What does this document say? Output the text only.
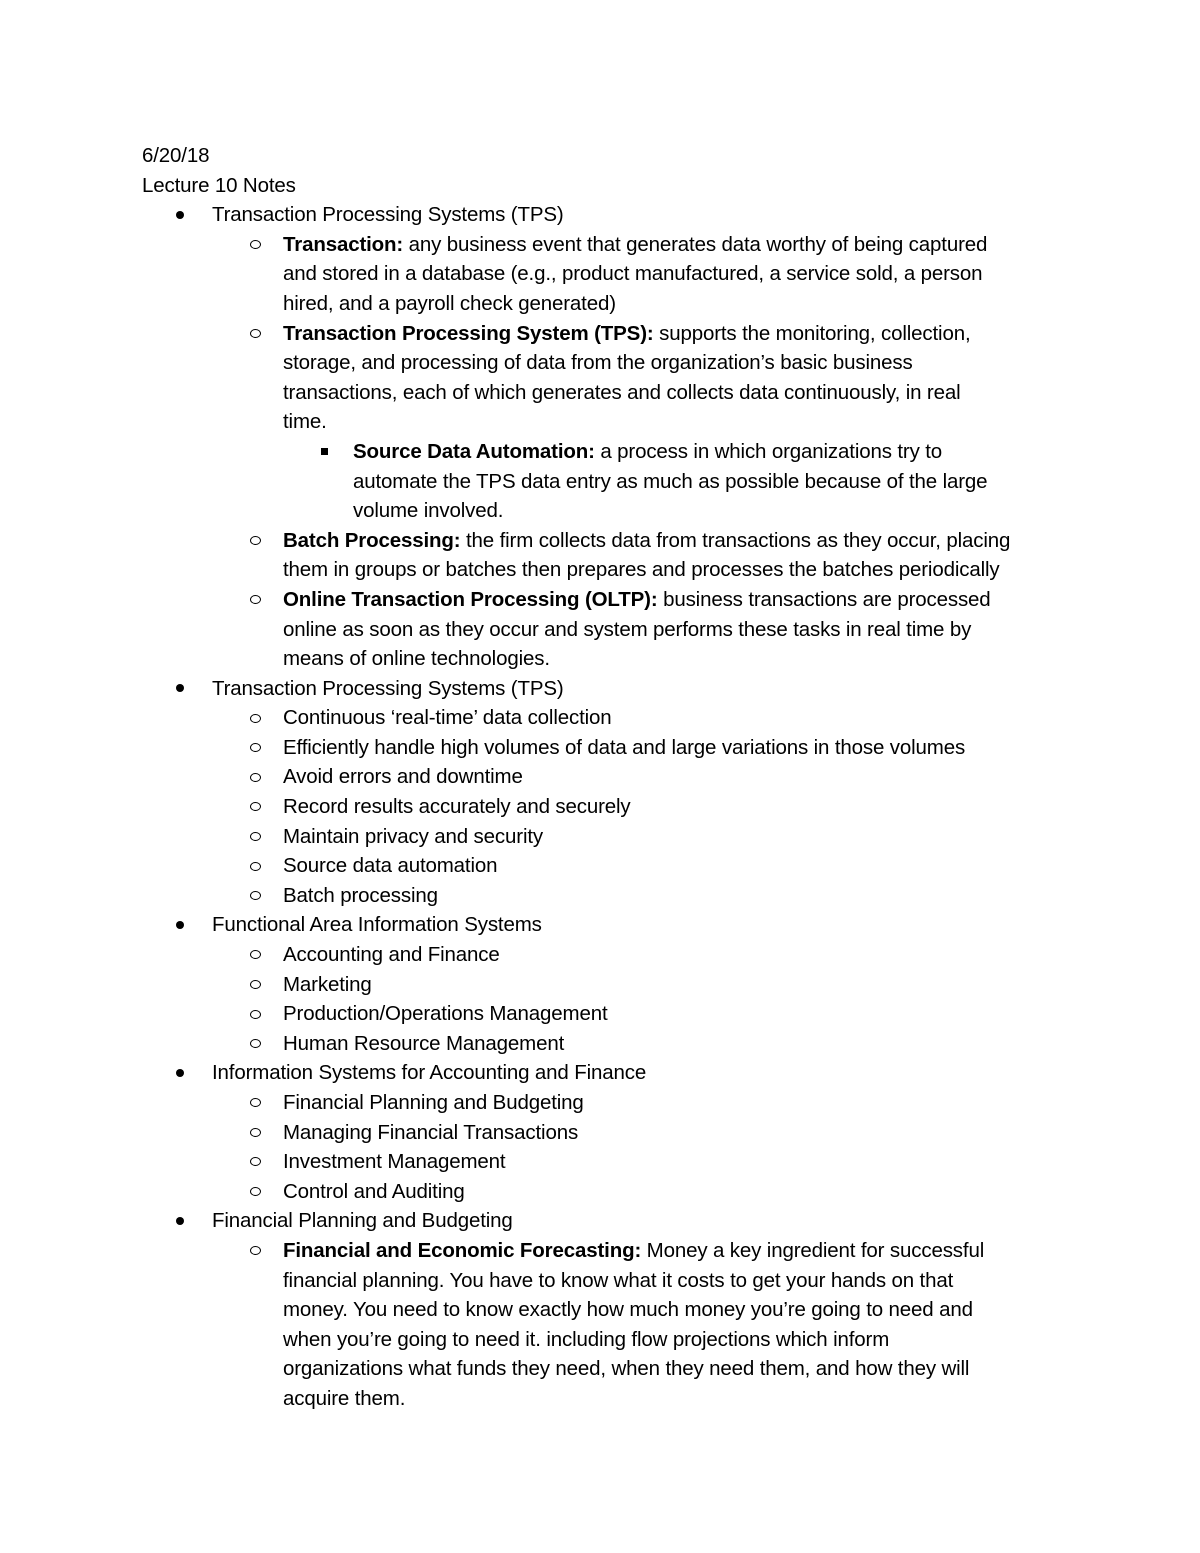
6/20/18
Lecture 10 Notes
Transaction Processing Systems (TPS)
Transaction: any business event that generates data worthy of being captured
and stored in a database (e.g., product manufactured, a service sold, a person
hired, and a payroll check generated)
Transaction Processing System (TPS): supports the monitoring, collection,
storage, and processing of data from the organization’s basic business
transactions, each of which generates and collects data continuously, in real
time.
Source Data Automation: a process in which organizations try to
automate the TPS data entry as much as possible because of the large
volume involved.
Batch Processing: the firm collects data from transactions as they occur, placing
them in groups or batches then prepares and processes the batches periodically
Online Transaction Processing (OLTP): business transactions are processed
online as soon as they occur and system performs these tasks in real time by
means of online technologies.
Transaction Processing Systems (TPS)
Continuous ‘real-time’ data collection
Efficiently handle high volumes of data and large variations in those volumes
Avoid errors and downtime
Record results accurately and securely
Maintain privacy and security
Source data automation
Batch processing
Functional Area Information Systems
Accounting and Finance
Marketing
Production/Operations Management
Human Resource Management
Information Systems for Accounting and Finance
Financial Planning and Budgeting
Managing Financial Transactions
Investment Management
Control and Auditing
Financial Planning and Budgeting
Financial and Economic Forecasting: Money a key ingredient for successful
financial planning. You have to know what it costs to get your hands on that
money. You need to know exactly how much money you’re going to need and
when you’re going to need it. including flow projections which inform
organizations what funds they need, when they need them, and how they will
acquire them.
